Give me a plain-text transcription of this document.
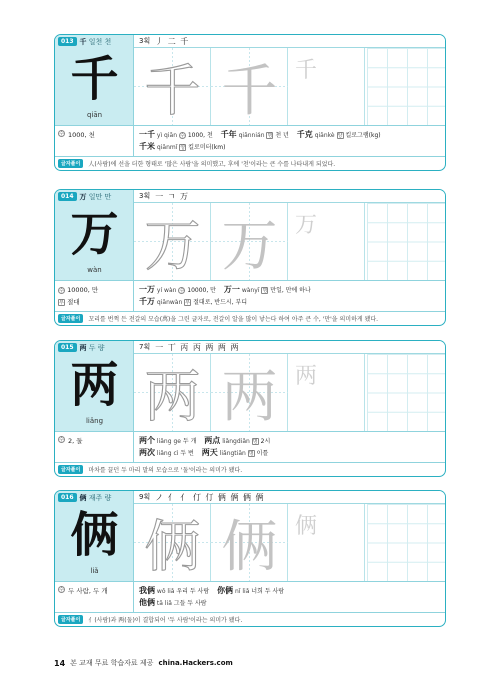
013 千 일천 천
千
qiān
3획 丿 二 千
千 千 千
수 1000, 천	一千 yì qiān 수 1000, 천 千年 qiānnián 명 천 년 千克 qiānkè 양 킬로그램(kg)
千米 qiānmǐ 양 킬로미터(km)
글자풀이	人(사람)에 선을 더한 형태로 '많은 사람'을 의미했고, 후에 '천'이라는 큰 수를 나타내게 되었다.
014 万 일만 만
万
wàn
3획 一 ㄱ 万
万 万 万
수 10000, 만
부 절대
一万 yí wàn 수 10000, 만 万一 wànyī 명 만일, 만에 하나
千万 qiānwàn 부 절대로, 반드시, 부디
글자풀이	꼬리를 번쩍 든 전갈의 모습(萬)을 그린 글자로, 전갈이 알을 많이 낳는다 하여 아주 큰 수, '만'을 의미하게 됐다.
015 两 두 량
两
liǎng
7획 一 丅 丙 丙 两 两 两
两 两 两
수 2, 둘	两个 liǎng ge 두 개 两点 liǎngdiǎn 명 2시
两次 liǎng cì 두 번 两天 liǎngtiān 명 이틀
글자풀이	마차를 끌던 두 마리 말의 모습으로 '둘'이라는 의미가 됐다.
016 俩 재주 량
俩
liǎ
9획 ノ 亻 亻 仃 仃 俩 俩 俩 俩
俩 俩 俩
수 두 사람, 두 개	我俩 wǒ liǎ 우리 두 사람 你俩 nǐ liǎ 너희 두 사람
他俩 tā liǎ 그들 두 사람
글자풀이	亻(사람)과 两(둘)이 결합되어 '두 사람'이라는 의미가 됐다.
14 본 교재 무료 학습자료 제공 china.Hackers.com
